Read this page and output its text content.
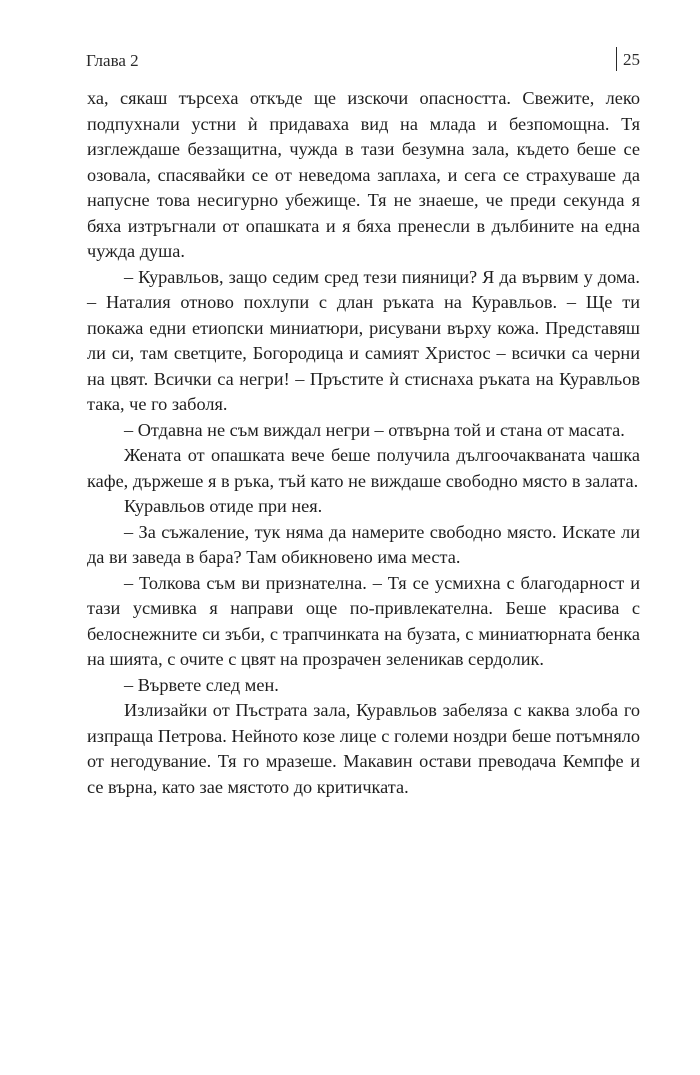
Глава 2	25

ха, сякаш търсеха откъде ще изскочи опасността. Свежите, леко подпухнали устни ѝ придаваха вид на млада и безпомощна. Тя изглеждаше беззащитна, чужда в тази безумна зала, където беше се озовала, спасявайки се от неведома заплаха, и сега се страхуваше да напусне това несигурно убежище. Тя не знаеше, че преди секунда я бяха изтръгнали от опашката и я бяха пренесли в дълбините на една чужда душа.

– Куравльов, защо седим сред тези пияници? Я да вървим у дома. – Наталия отново похлупи с длан ръката на Куравльов. – Ще ти покажа едни етиопски миниатюри, рисувани върху кожа. Представяш ли си, там светците, Богородица и самият Христос – всички са черни на цвят. Всички са негри! – Пръстите ѝ стиснаха ръката на Куравльов така, че го заболя.

– Отдавна не съм виждал негри – отвърна той и стана от масата.

Жената от опашката вече беше получила дългоочакваната чашка кафе, държеше я в ръка, тъй като не виждаше свободно място в залата.

Куравльов отиде при нея.

– За съжаление, тук няма да намерите свободно място. Искате ли да ви заведа в бара? Там обикновено има места.

– Толкова съм ви признателна. – Тя се усмихна с благодарност и тази усмивка я направи още по-привлекателна. Беше красива с белоснежните си зъби, с трапчинката на бузата, с миниатюрната бенка на шията, с очите с цвят на прозрачен зеленикав сердолик.

– Вървете след мен.

Излизайки от Пъстрата зала, Куравльов забеляза с каква злоба го изпраща Петрова. Нейното козе лице с големи ноздри беше потъмняло от негодувание. Тя го мразеше. Макавин остави преводача Кемпфе и се върна, като зае мястото до критичката.
